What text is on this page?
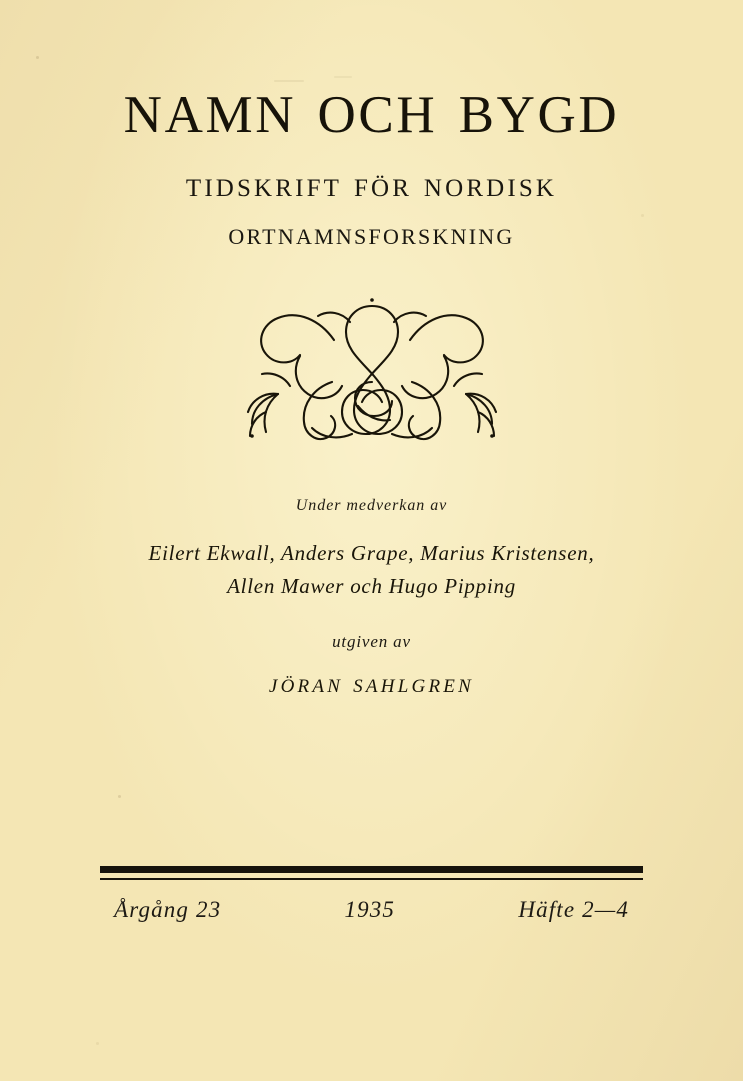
namn och bygd
tidskrift för nordisk
ortnamnsforskning
Under medverkan av
Eilert Ekwall, Anders Grape, Marius Kristensen,
Allen Mawer och Hugo Pipping
utgiven av
jöran sahlgren
Årgång 23	1935	Häfte 2—4
